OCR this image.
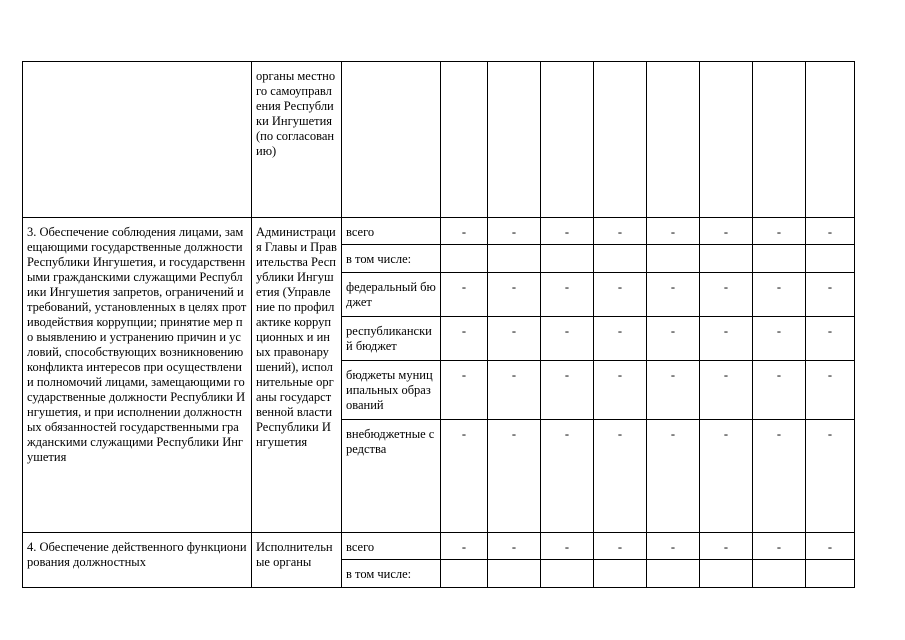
	органы местного самоуправления Республики Ингушетия (по согласованию)									
3. Обеспечение соблюдения лицами, замещающими государственные должности Республики Ингушетия, и государственными гражданскими служащими Республики Ингушетия запретов, ограничений и требований, установленных в целях противодействия коррупции; принятие мер по выявлению и устранению причин и условий, способствующих возникновению конфликта интересов при осуществлении полномочий лицами, замещающими государственные должности Республики Ингушетия, и при исполнении должностных обязанностей государственными гражданскими служащими Республики Ингушетия	Администрация Главы и Правительства Республики Ингушетия (Управление по профилактике коррупционных и иных правонарушений), исполнительные органы государственной власти Республики Ингушетия	всего	-	-	-	-	-	-	-	-
		в том числе:								
		федеральный бюджет	-	-	-	-	-	-	-	-
		республиканский бюджет	-	-	-	-	-	-	-	-
		бюджеты муниципальных образований	-	-	-	-	-	-	-	-
		внебюджетные средства	-	-	-	-	-	-	-	-
4. Обеспечение действенного функционирования должностных	Исполнительные органы	всего	-	-	-	-	-	-	-	-
		в том числе:								
